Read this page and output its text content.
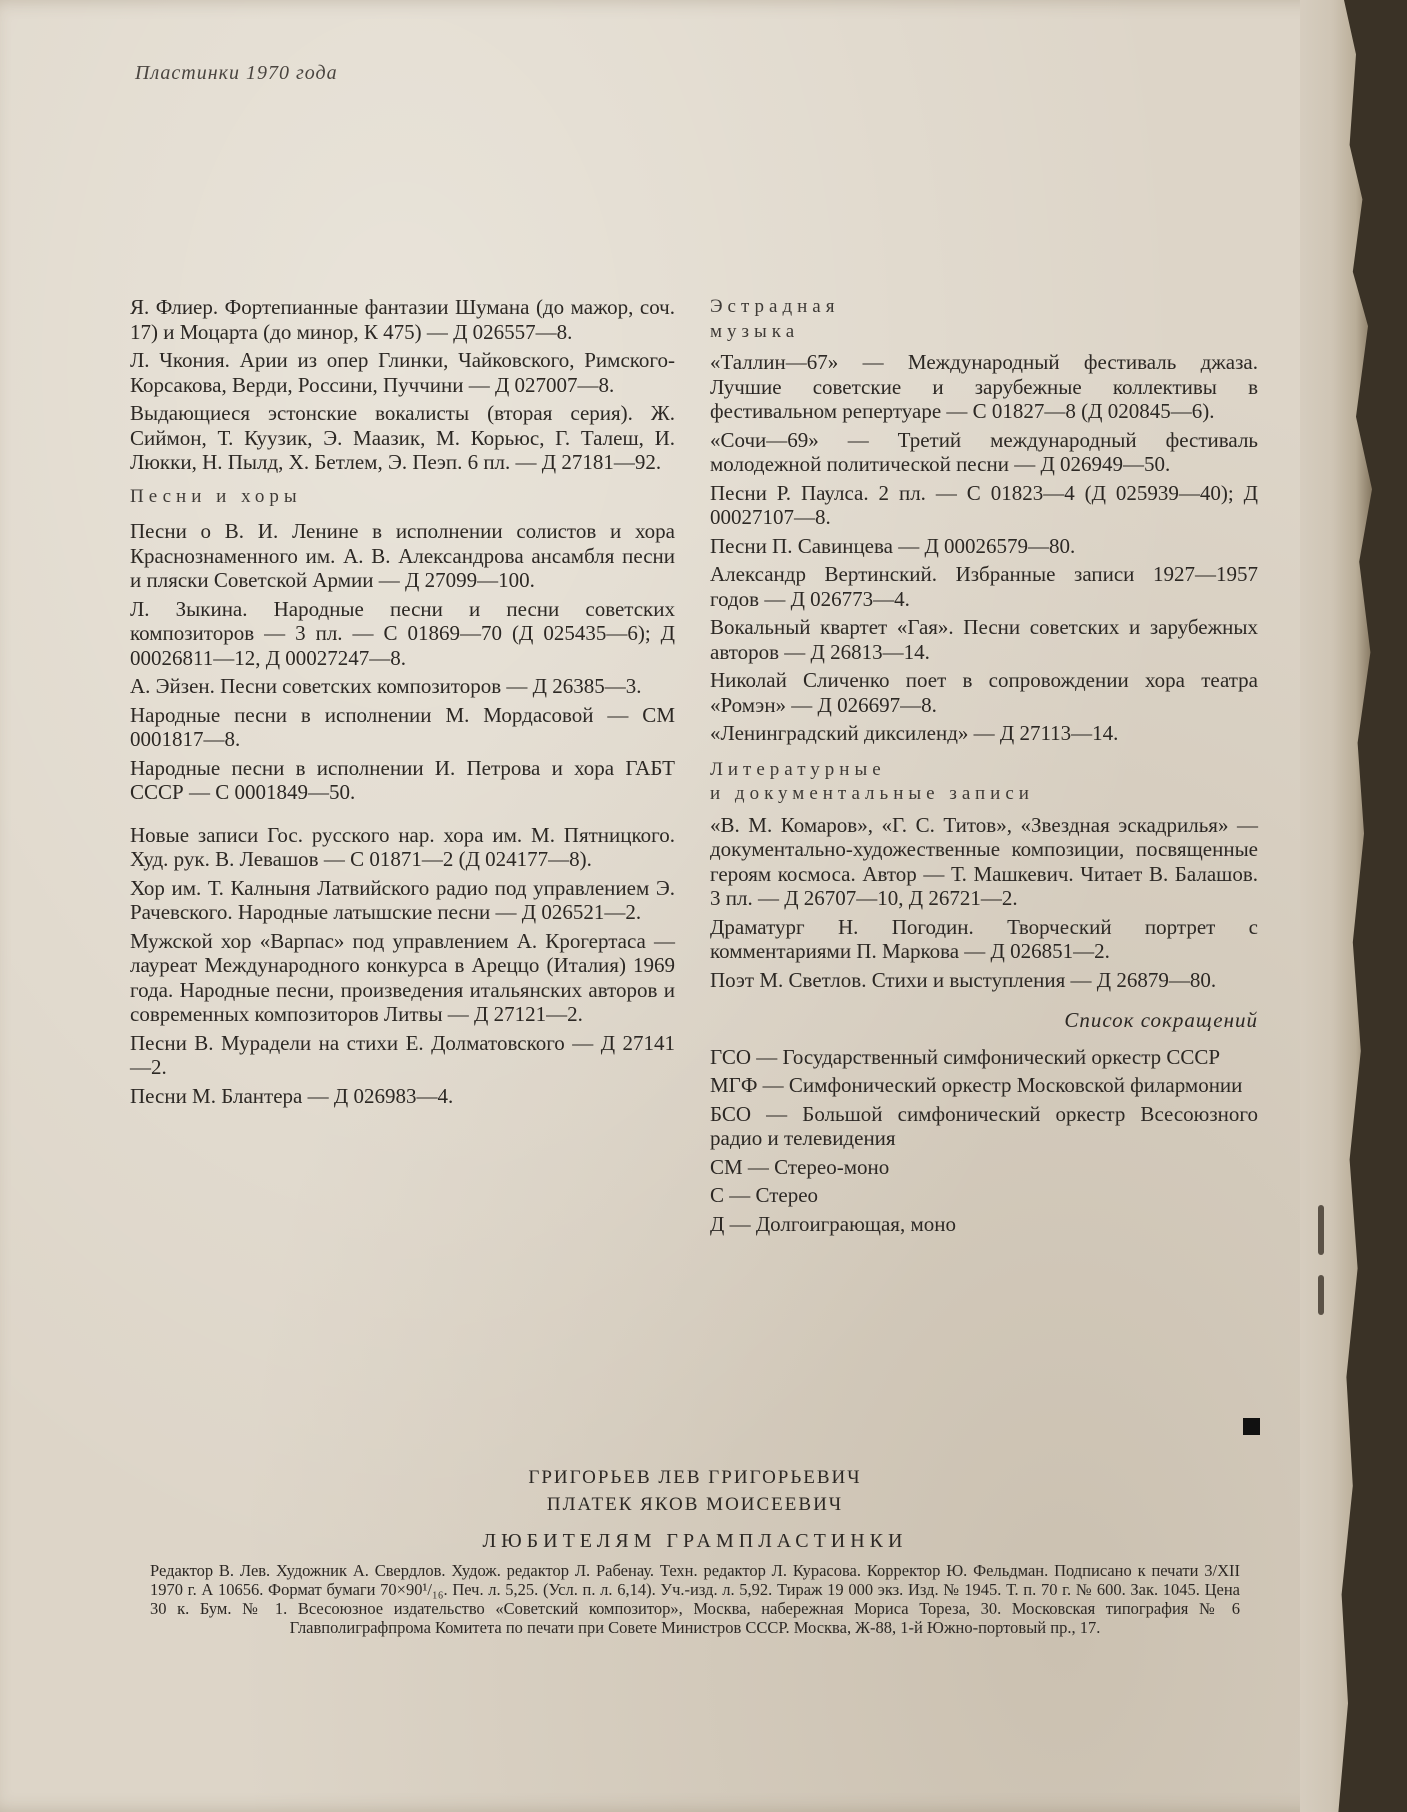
Пластинки 1970 года
Я. Флиер. Фортепианные фантазии Шумана (до мажор, соч. 17) и Моцарта (до минор, К 475) — Д 026557—8.
Л. Чкония. Арии из опер Глинки, Чайковского, Римского-Корсакова, Верди, Россини, Пуччини — Д 027007—8.
Выдающиеся эстонские вокалисты (вторая серия). Ж. Сиймон, Т. Куузик, Э. Маазик, М. Корьюс, Г. Талеш, И. Люкки, Н. Пылд, Х. Бетлем, Э. Пеэп. 6 пл. — Д 27181—92.
Песни и хоры
Песни о В. И. Ленине в исполнении солистов и хора Краснознаменного им. А. В. Александрова ансамбля песни и пляски Советской Армии — Д 27099—100.
Л. Зыкина. Народные песни и песни советских композиторов — 3 пл. — С 01869—70 (Д 025435—6); Д 00026811—12, Д 00027247—8.
А. Эйзен. Песни советских композиторов — Д 26385—3.
Народные песни в исполнении М. Мордасовой — СМ 0001817—8.
Народные песни в исполнении И. Петрова и хора ГАБТ СССР — С 0001849—50.
Новые записи Гос. русского нар. хора им. М. Пятницкого. Худ. рук. В. Левашов — С 01871—2 (Д 024177—8).
Хор им. Т. Калныня Латвийского радио под управлением Э. Рачевского. Народные латышские песни — Д 026521—2.
Мужской хор «Варпас» под управлением А. Крогертаса — лауреат Международного конкурса в Ареццо (Италия) 1969 года. Народные песни, произведения итальянских авторов и современных композиторов Литвы — Д 27121—2.
Песни В. Мурадели на стихи Е. Долматовского — Д 27141—2.
Песни М. Блантера — Д 026983—4.
Эстрадная
музыка
«Таллин—67» — Международный фестиваль джаза. Лучшие советские и зарубежные коллективы в фестивальном репертуаре — С 01827—8 (Д 020845—6).
«Сочи—69» — Третий международный фестиваль молодежной политической песни — Д 026949—50.
Песни Р. Паулса. 2 пл. — С 01823—4 (Д 025939—40); Д 00027107—8.
Песни П. Савинцева — Д 00026579—80.
Александр Вертинский. Избранные записи 1927—1957 годов — Д 026773—4.
Вокальный квартет «Гая». Песни советских и зарубежных авторов — Д 26813—14.
Николай Сличенко поет в сопровождении хора театра «Ромэн» — Д 026697—8.
«Ленинградский диксиленд» — Д 27113—14.
Литературные
и документальные записи
«В. М. Комаров», «Г. С. Титов», «Звездная эскадрилья» — документально-художественные композиции, посвященные героям космоса. Автор — Т. Машкевич. Читает В. Балашов. 3 пл. — Д 26707—10, Д 26721—2.
Драматург Н. Погодин. Творческий портрет с комментариями П. Маркова — Д 026851—2.
Поэт М. Светлов. Стихи и выступления — Д 26879—80.
Список сокращений
ГСО — Государственный симфонический оркестр СССР
МГФ — Симфонический оркестр Московской филармонии
БСО — Большой симфонический оркестр Всесоюзного радио и телевидения
СМ — Стерео-моно
С — Стерео
Д — Долгоиграющая, моно
ГРИГОРЬЕВ ЛЕВ ГРИГОРЬЕВИЧ
ПЛАТЕК ЯКОВ МОИСЕЕВИЧ
ЛЮБИТЕЛЯМ ГРАМПЛАСТИНКИ
Редактор В. Лев. Художник А. Свердлов. Худож. редактор Л. Рабенау. Техн. редактор Л. Курасова. Корректор Ю. Фельдман. Подписано к печати 3/XII 1970 г. А 10656. Формат бумаги 70×90¹/₁₆. Печ. л. 5,25. (Усл. п. л. 6,14). Уч.-изд. л. 5,92. Тираж 19 000 экз. Изд. № 1945. Т. п. 70 г. № 600. Зак. 1045. Цена 30 к. Бум. № 1. Всесоюзное издательство «Советский композитор», Москва, набережная Мориса Тореза, 30. Московская типография № 6 Главполиграфпрома Комитета по печати при Совете Министров СССР. Москва, Ж-88, 1-й Южно-портовый пр., 17.
